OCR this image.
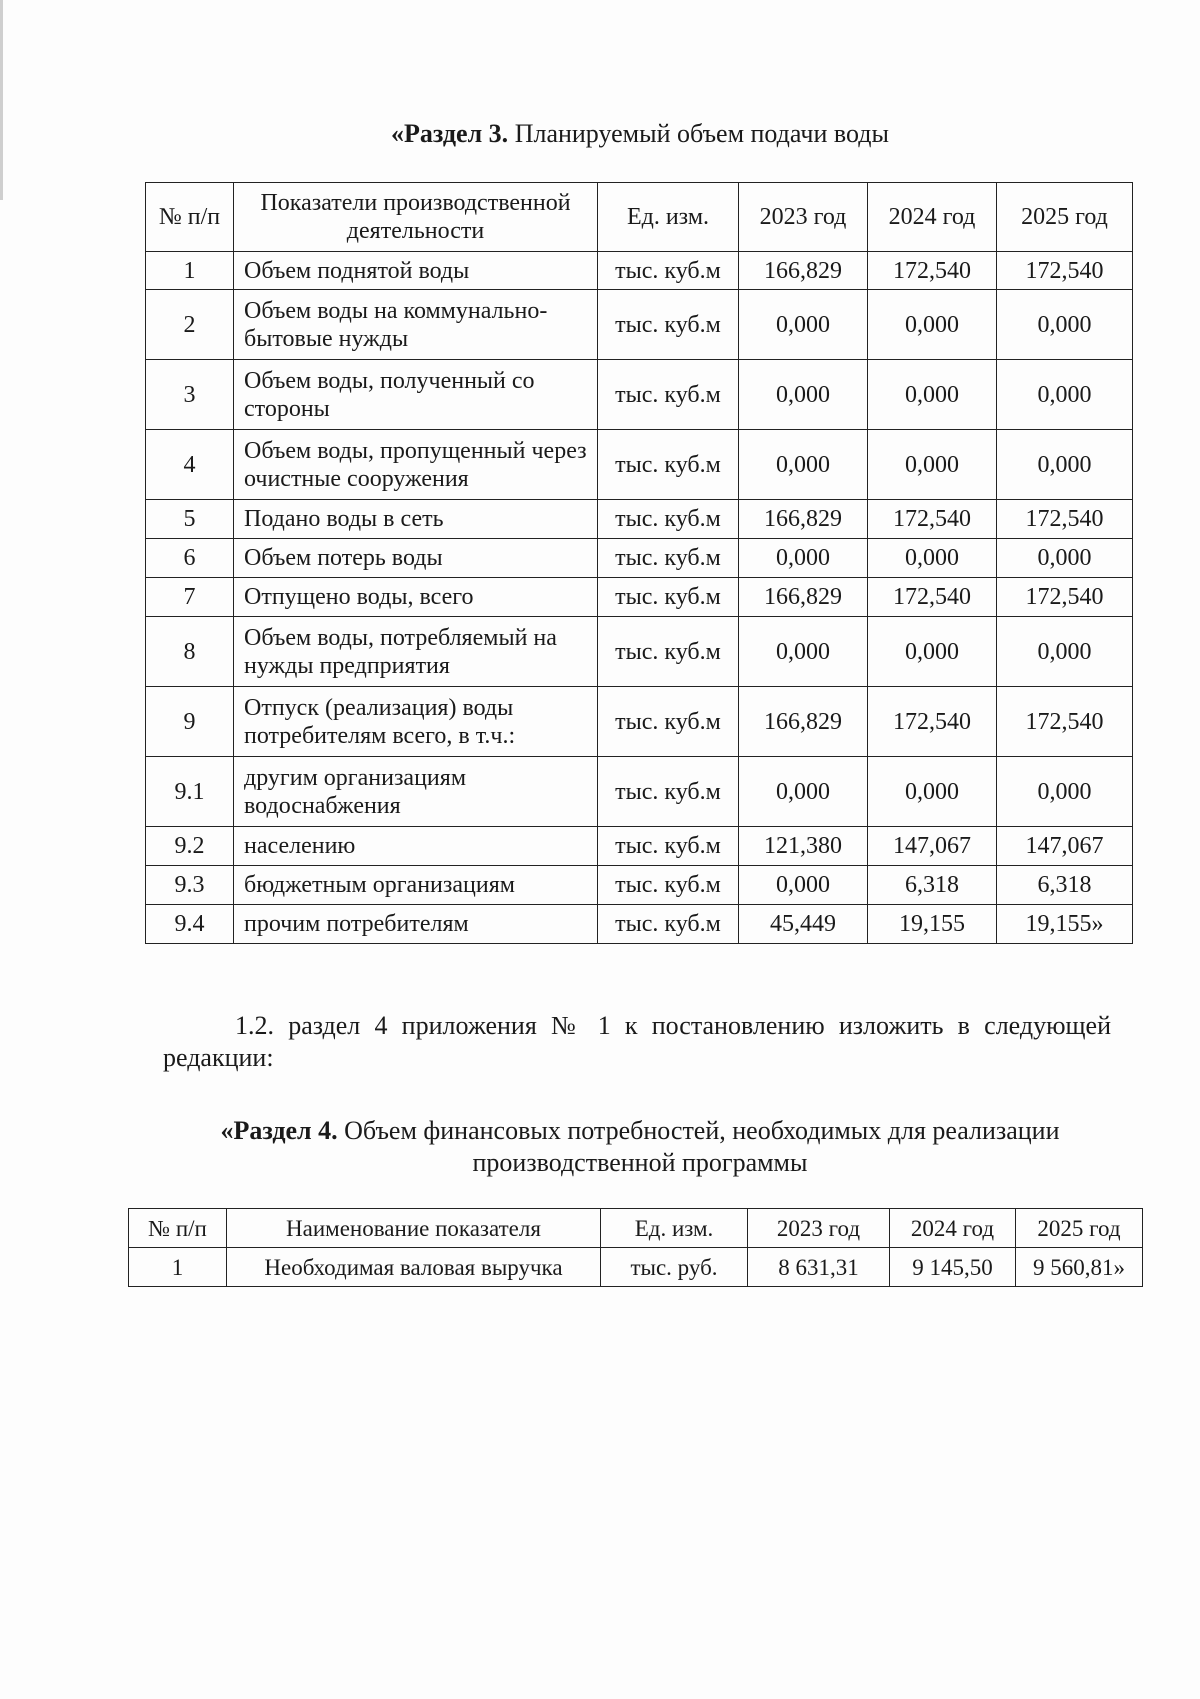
«Раздел 3. Планируемый объем подачи воды
№ п/п	Показатели производственной деятельности	Ед. изм.	2023 год	2024 год	2025 год
1	Объем поднятой воды	тыс. куб.м	166,829	172,540	172,540
2	Объем воды на коммунально-бытовые нужды	тыс. куб.м	0,000	0,000	0,000
3	Объем воды, полученный со стороны	тыс. куб.м	0,000	0,000	0,000
4	Объем воды, пропущенный через очистные сооружения	тыс. куб.м	0,000	0,000	0,000
5	Подано воды в сеть	тыс. куб.м	166,829	172,540	172,540
6	Объем потерь воды	тыс. куб.м	0,000	0,000	0,000
7	Отпущено воды, всего	тыс. куб.м	166,829	172,540	172,540
8	Объем воды, потребляемый на нужды предприятия	тыс. куб.м	0,000	0,000	0,000
9	Отпуск (реализация) воды потребителям всего, в т.ч.:	тыс. куб.м	166,829	172,540	172,540
9.1	другим организациям водоснабжения	тыс. куб.м	0,000	0,000	0,000
9.2	населению	тыс. куб.м	121,380	147,067	147,067
9.3	бюджетным организациям	тыс. куб.м	0,000	6,318	6,318
9.4	прочим потребителям	тыс. куб.м	45,449	19,155	19,155»

1.2. раздел 4 приложения № 1 к постановлению изложить в следующей редакции:

«Раздел 4. Объем финансовых потребностей, необходимых для реализации производственной программы
№ п/п	Наименование показателя	Ед. изм.	2023 год	2024 год	2025 год
1	Необходимая валовая выручка	тыс. руб.	8 631,31	9 145,50	9 560,81»
